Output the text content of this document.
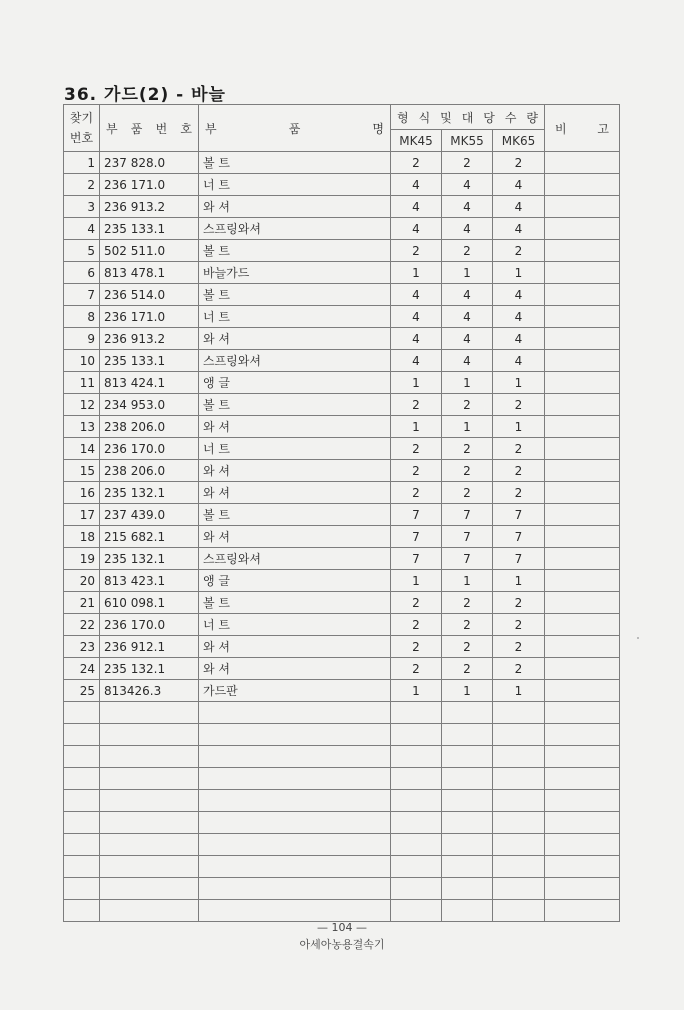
36. 가드(2) - 바늘
찾기 번호	부 품 번 호	부 품 명	형 식 및 대 당 수 량			비 고
			MK45	MK55	MK65	
1	237 828.0	볼 트	2	2	2	
2	236 171.0	너 트	4	4	4	
3	236 913.2	와 셔	4	4	4	
4	235 133.1	스프링와셔	4	4	4	
5	502 511.0	볼 트	2	2	2	
6	813 478.1	바늘가드	1	1	1	
7	236 514.0	볼 트	4	4	4	
8	236 171.0	너 트	4	4	4	
9	236 913.2	와 셔	4	4	4	
10	235 133.1	스프링와셔	4	4	4	
11	813 424.1	앵 글	1	1	1	
12	234 953.0	볼 트	2	2	2	
13	238 206.0	와 셔	1	1	1	
14	236 170.0	너 트	2	2	2	
15	238 206.0	와 셔	2	2	2	
16	235 132.1	와 셔	2	2	2	
17	237 439.0	볼 트	7	7	7	
18	215 682.1	와 셔	7	7	7	
19	235 132.1	스프링와셔	7	7	7	
20	813 423.1	앵 글	1	1	1	
21	610 098.1	볼 트	2	2	2	
22	236 170.0	너 트	2	2	2	
23	236 912.1	와 셔	2	2	2	
24	235 132.1	와 셔	2	2	2	
25	813426.3	가드판	1	1	1	

— 104 —
아세아농용결속기
